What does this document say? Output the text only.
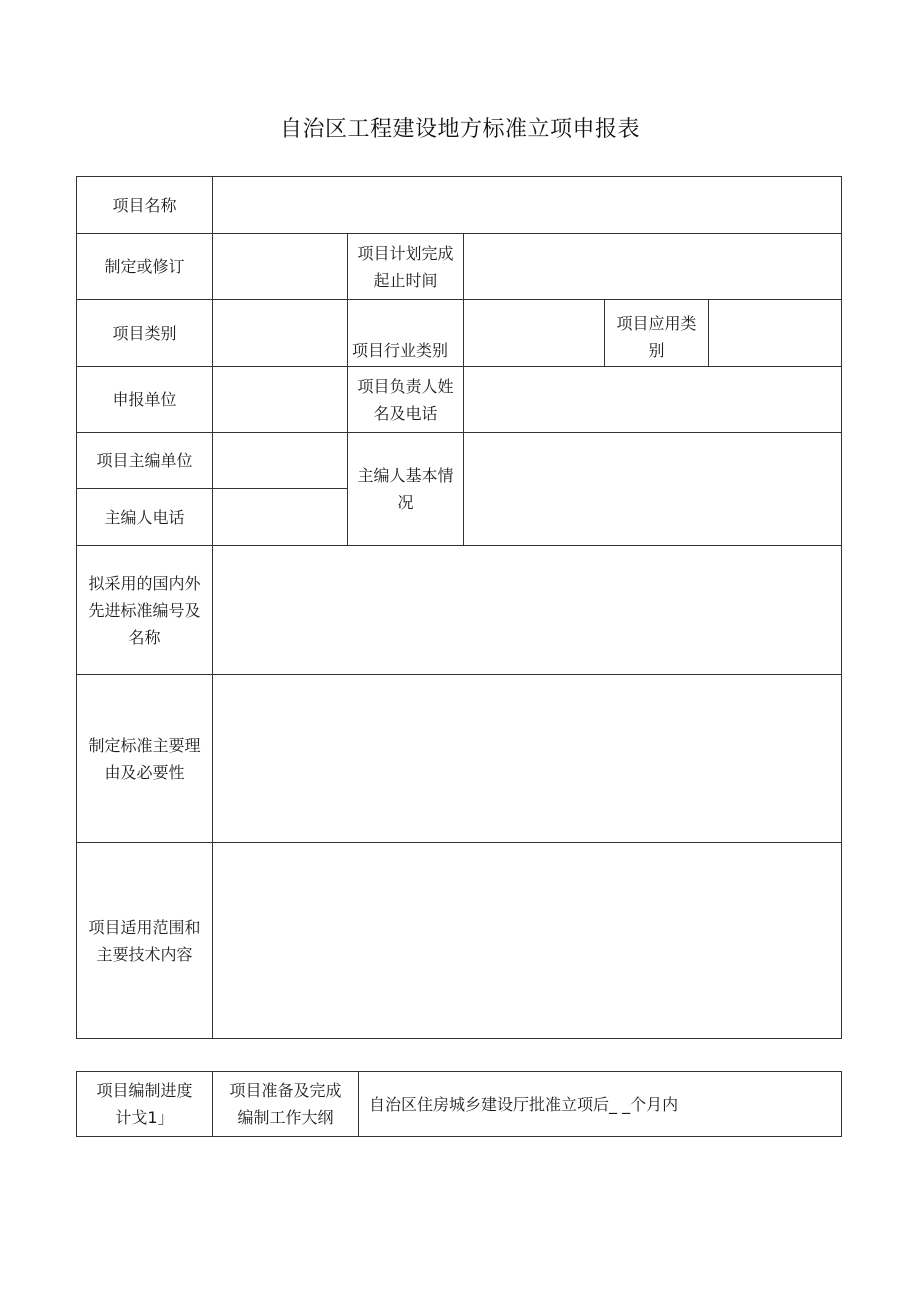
自治区工程建设地方标准立项申报表
项目名称
制定或修订
项目计划完成
起止时间
项目类别
项目行业类别
项目应用类
别
申报单位
项目负责人姓
名及电话
项目主编单位
主编人电话
主编人基本情
况
拟采用的国内外
先进标准编号及
名称
制定标准主要理
由及必要性
项目适用范围和
主要技术内容
项目编制进度
计戈1」
项目准备及完成
编制工作大纲
自治区住房城乡建设厅批准立项后_ _个月内
